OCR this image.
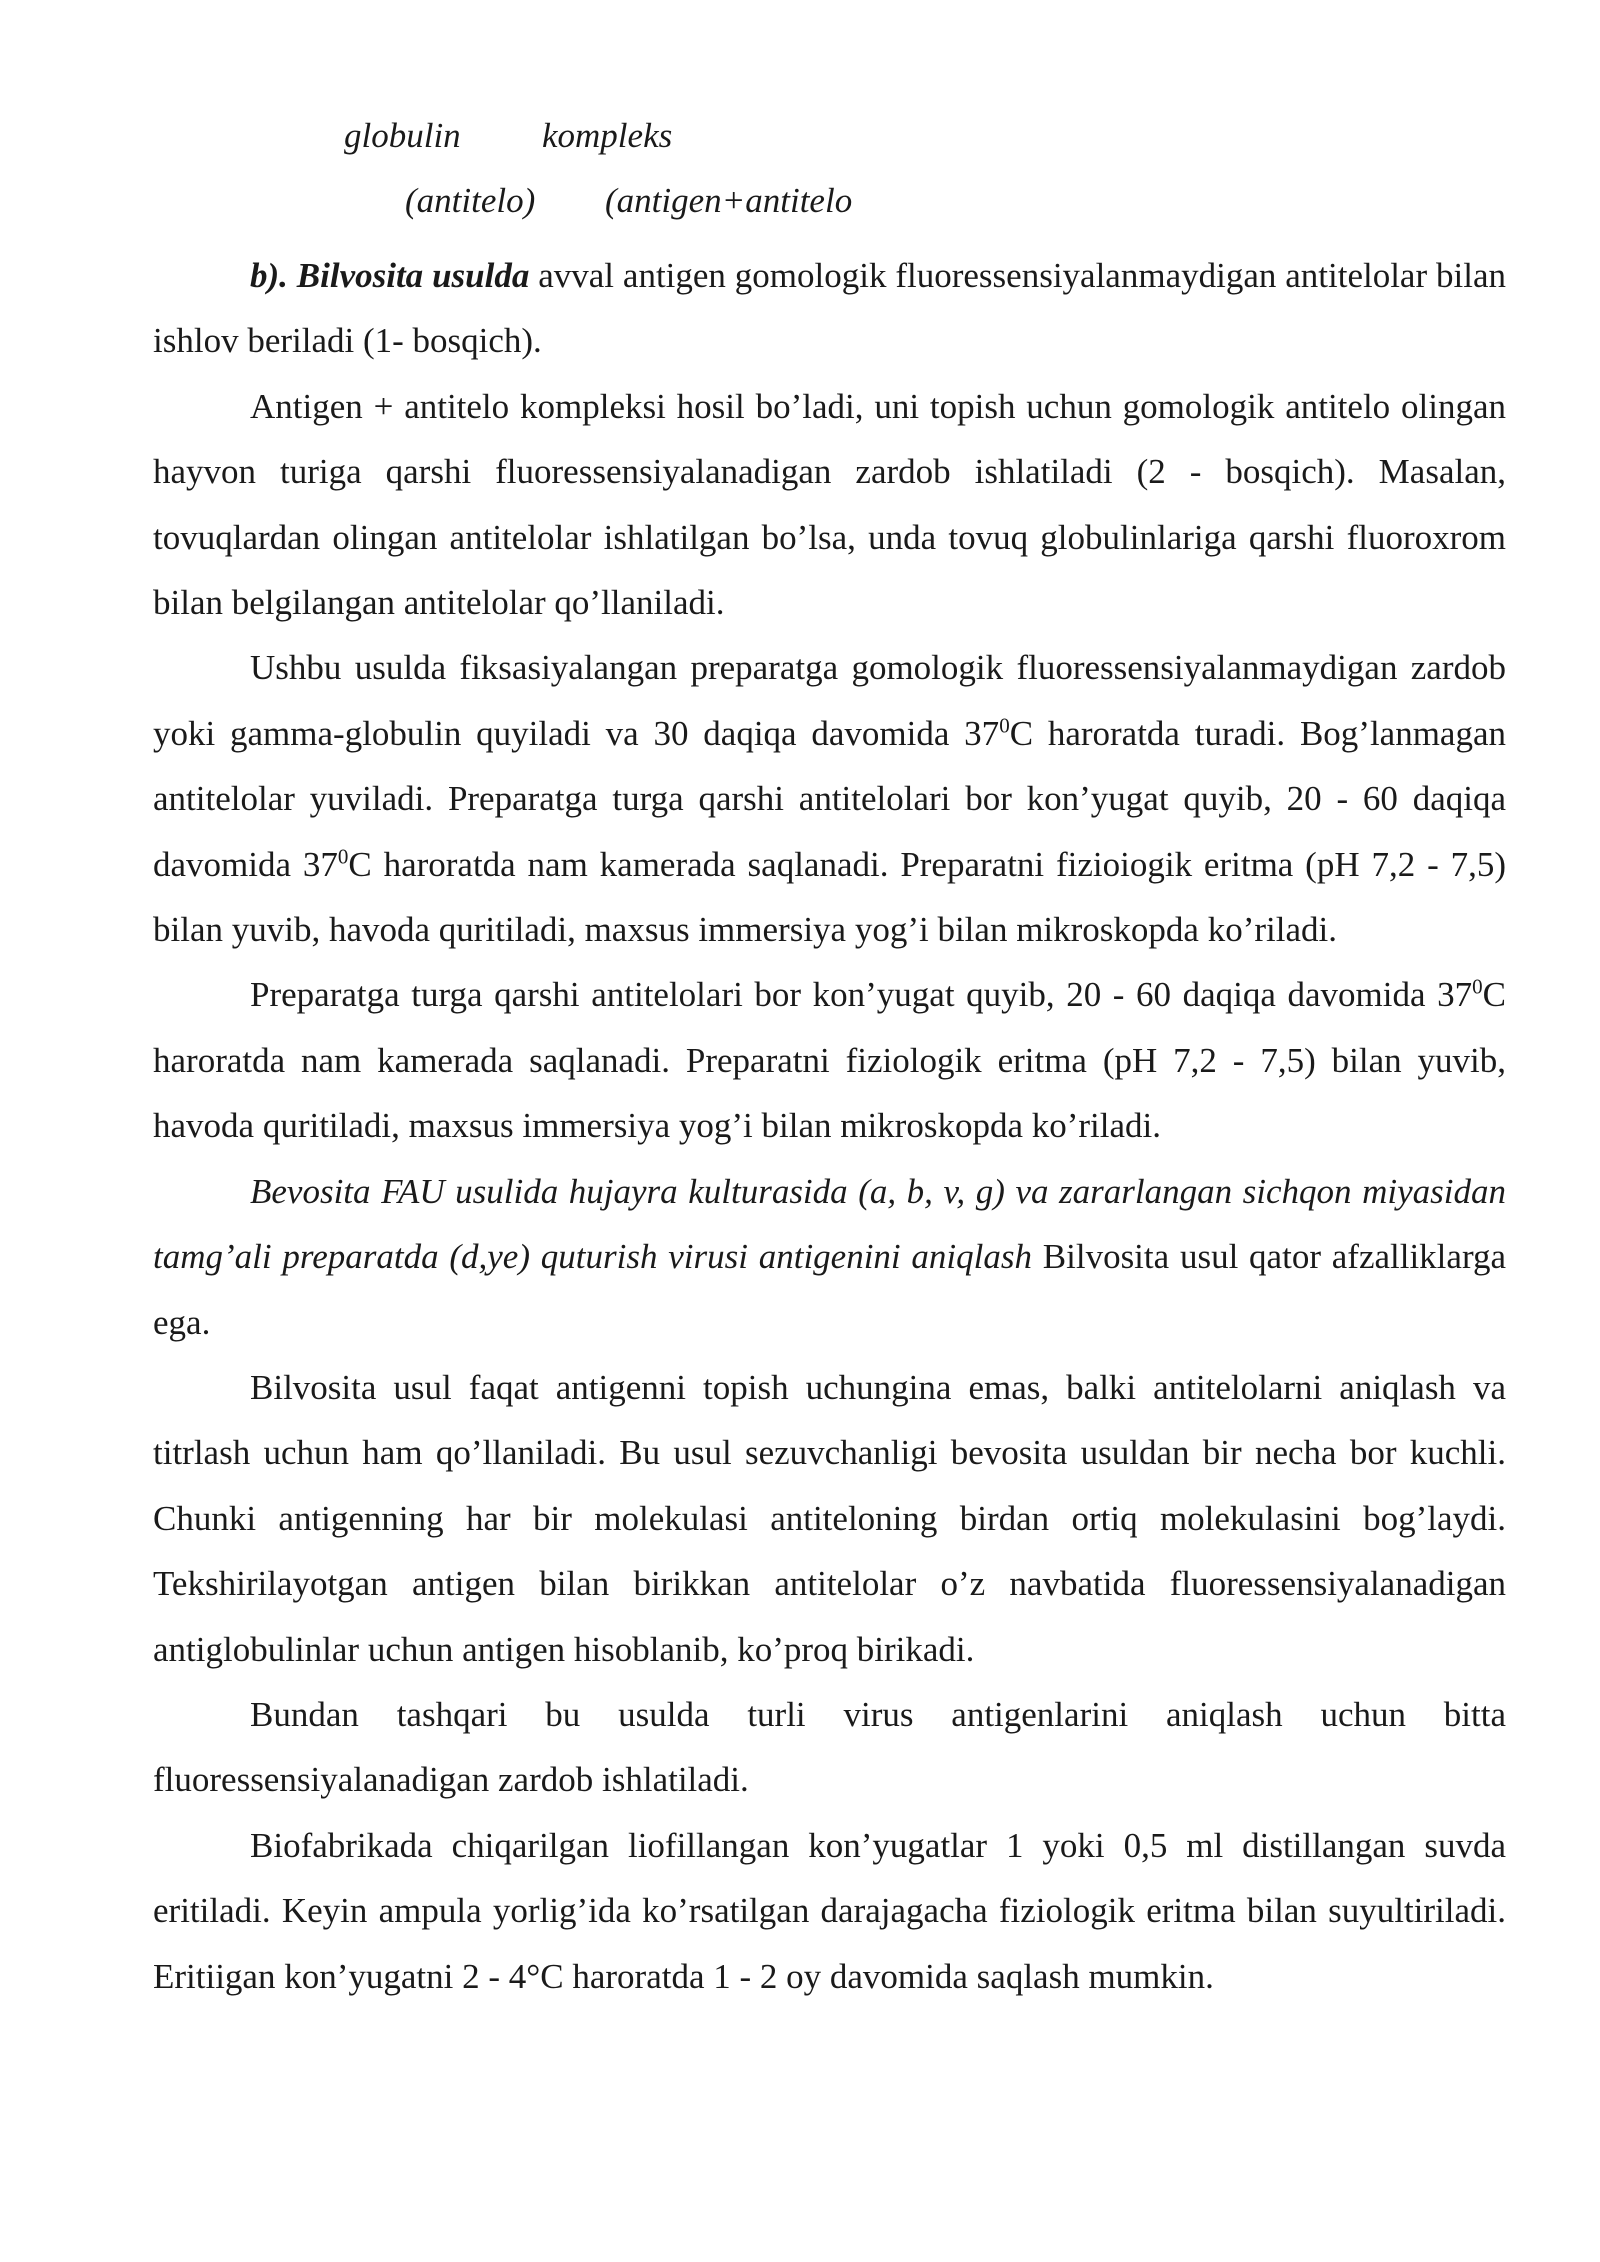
globulin kompleks
(antitelo) (antigen+antitelo

b). Bilvosita usulda avval antigen gomologik fluoressensiyalanmaydigan antitelolar bilan ishlov beriladi (1- bosqich).

Antigen + antitelo kompleksi hosil bo’ladi, uni topish uchun gomologik antitelo olingan hayvon turiga qarshi fluoressensiyalanadigan zardob ishlatiladi (2 - bosqich). Masalan, tovuqlardan olingan antitelolar ishlatilgan bo’lsa, unda tovuq globulinlariga qarshi fluoroxrom bilan belgilangan antitelolar qo’llaniladi.

Ushbu usulda fiksasiyalangan preparatga gomologik fluoressensiyalanmaydigan zardob yoki gamma-globulin quyiladi va 30 daqiqa davomida $37^0C$ haroratda turadi. Bog’lanmagan antitelolar yuviladi. Preparatga turga qarshi antitelolari bor kon’yugat quyib, 20 - 60 daqiqa davomida $37^0C$ haroratda nam kamerada saqlanadi. Preparatni fizioiogik eritma (pH 7,2 - 7,5) bilan yuvib, havoda quritiladi, maxsus immersiya yog’i bilan mikroskopda ko’riladi.

Preparatga turga qarshi antitelolari bor kon’yugat quyib, 20 - 60 daqiqa davomida $37^0C$ haroratda nam kamerada saqlanadi. Preparatni fiziologik eritma (pH 7,2 - 7,5) bilan yuvib, havoda quritiladi, maxsus immersiya yog’i bilan mikroskopda ko’riladi.

Bevosita FAU usulida hujayra kulturasida (a, b, v, g) va zararlangan sichqon miyasidan tamg’ali preparatda (d,ye) quturish virusi antigenini aniqlash Bilvosita usul qator afzalliklarga ega.

Bilvosita usul faqat antigenni topish uchungina emas, balki antitelolarni aniqlash va titrlash uchun ham qo’llaniladi. Bu usul sezuvchanligi bevosita usuldan bir necha bor kuchli. Chunki antigenning har bir molekulasi antiteloning birdan ortiq molekulasini bog’laydi. Tekshirilayotgan antigen bilan birikkan antitelolar o’z navbatida fluoressensiyalanadigan antiglobulinlar uchun antigen hisoblanib, ko’proq birikadi.

Bundan tashqari bu usulda turli virus antigenlarini aniqlash uchun bitta fluoressensiyalanadigan zardob ishlatiladi.

Biofabrikada chiqarilgan liofillangan kon’yugatlar 1 yoki 0,5 ml distillangan suvda eritiladi. Keyin ampula yorlig’ida ko’rsatilgan darajagacha fiziologik eritma bilan suyultiriladi. Eritiigan kon’yugatni 2 - 4°C haroratda 1 - 2 oy davomida saqlash mumkin.
